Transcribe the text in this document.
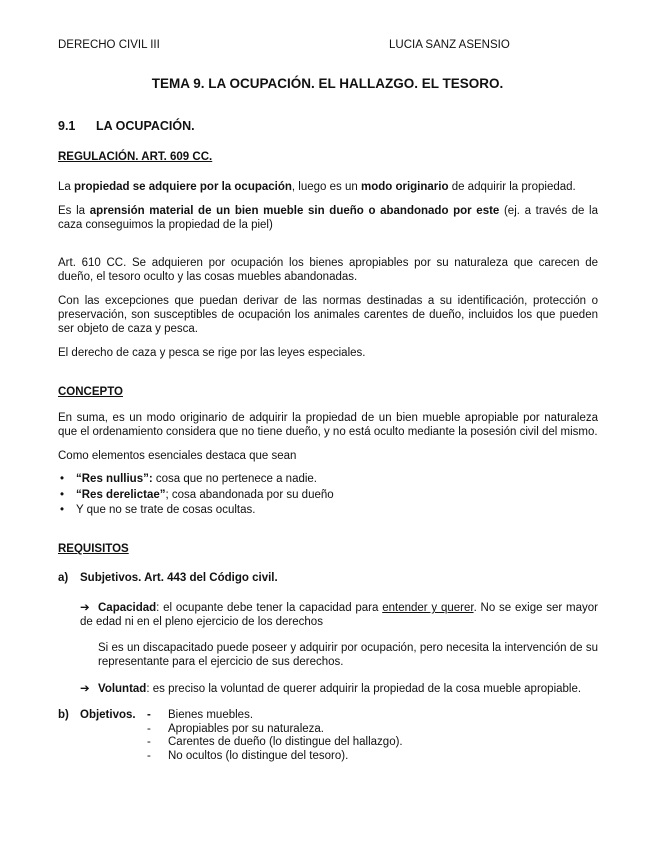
DERECHO CIVIL III	LUCIA SANZ ASENSIO
TEMA 9. LA OCUPACIÓN. EL HALLAZGO. EL TESORO.
9.1 LA OCUPACIÓN.
REGULACIÓN. ART. 609 CC.
La propiedad se adquiere por la ocupación, luego es un modo originario de adquirir la propiedad.
Es la aprensión material de un bien mueble sin dueño o abandonado por este (ej. a través de la caza conseguimos la propiedad de la piel)
Art. 610 CC. Se adquieren por ocupación los bienes apropiables por su naturaleza que carecen de dueño, el tesoro oculto y las cosas muebles abandonadas.
Con las excepciones que puedan derivar de las normas destinadas a su identificación, protección o preservación, son susceptibles de ocupación los animales carentes de dueño, incluidos los que pueden ser objeto de caza y pesca.
El derecho de caza y pesca se rige por las leyes especiales.
CONCEPTO
En suma, es un modo originario de adquirir la propiedad de un bien mueble apropiable por naturaleza que el ordenamiento considera que no tiene dueño, y no está oculto mediante la posesión civil del mismo.
Como elementos esenciales destaca que sean
• “Res nullius”: cosa que no pertenece a nadie.
• “Res derelictae”; cosa abandonada por su dueño
• Y que no se trate de cosas ocultas.
REQUISITOS
a) Subjetivos. Art. 443 del Código civil.
➔ Capacidad: el ocupante debe tener la capacidad para entender y querer. No se exige ser mayor de edad ni en el pleno ejercicio de los derechos
Si es un discapacitado puede poseer y adquirir por ocupación, pero necesita la intervención de su representante para el ejercicio de sus derechos.
➔ Voluntad: es preciso la voluntad de querer adquirir la propiedad de la cosa mueble apropiable.
b) Objetivos. - Bienes muebles.
- Apropiables por su naturaleza.
- Carentes de dueño (lo distingue del hallazgo).
- No ocultos (lo distingue del tesoro).
